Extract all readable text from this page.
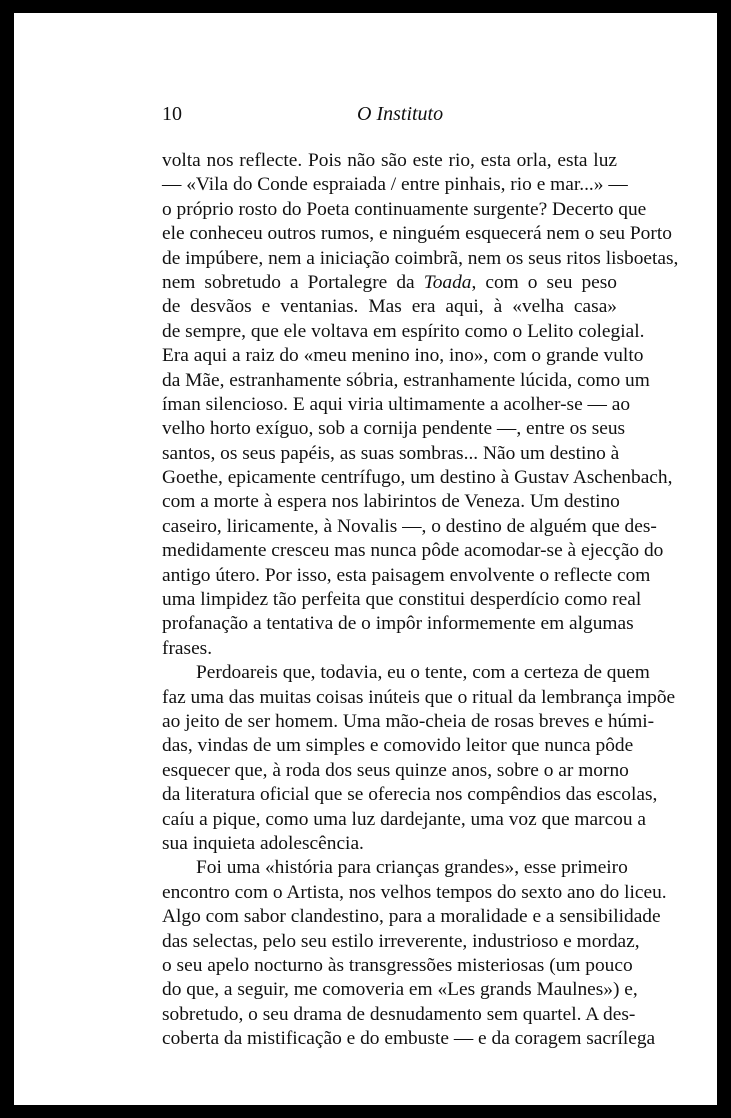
10	O Instituto
volta nos reflecte. Pois não são este rio, esta orla, esta luz
— «Vila do Conde espraiada / entre pinhais, rio e mar...» —
o próprio rosto do Poeta continuamente surgente? Decerto que
ele conheceu outros rumos, e ninguém esquecerá nem o seu Porto
de impúbere, nem a iniciação coimbrã, nem os seus ritos lisboetas,
nem sobretudo a Portalegre da Toada, com o seu peso
de desvãos e ventanias. Mas era aqui, à «velha casa»
de sempre, que ele voltava em espírito como o Lelito colegial.
Era aqui a raiz do «meu menino ino, ino», com o grande vulto
da Mãe, estranhamente sóbria, estranhamente lúcida, como um
íman silencioso. E aqui viria ultimamente a acolher-se — ao
velho horto exíguo, sob a cornija pendente —, entre os seus
santos, os seus papéis, as suas sombras... Não um destino à
Goethe, epicamente centrífugo, um destino à Gustav Aschenbach,
com a morte à espera nos labirintos de Veneza. Um destino
caseiro, liricamente, à Novalis —, o destino de alguém que des-
medidamente cresceu mas nunca pôde acomodar-se à ejecção do
antigo útero. Por isso, esta paisagem envolvente o reflecte com
uma limpidez tão perfeita que constitui desperdício como real
profanação a tentativa de o impôr informemente em algumas
frases.
Perdoareis que, todavia, eu o tente, com a certeza de quem
faz uma das muitas coisas inúteis que o ritual da lembrança impõe
ao jeito de ser homem. Uma mão-cheia de rosas breves e húmi-
das, vindas de um simples e comovido leitor que nunca pôde
esquecer que, à roda dos seus quinze anos, sobre o ar morno
da literatura oficial que se oferecia nos compêndios das escolas,
caíu a pique, como uma luz dardejante, uma voz que marcou a
sua inquieta adolescência.
Foi uma «história para crianças grandes», esse primeiro
encontro com o Artista, nos velhos tempos do sexto ano do liceu.
Algo com sabor clandestino, para a moralidade e a sensibilidade
das selectas, pelo seu estilo irreverente, industrioso e mordaz,
o seu apelo nocturno às transgressões misteriosas (um pouco
do que, a seguir, me comoveria em «Les grands Maulnes») e,
sobretudo, o seu drama de desnudamento sem quartel. A des-
coberta da mistificação e do embuste — e da coragem sacrílega
